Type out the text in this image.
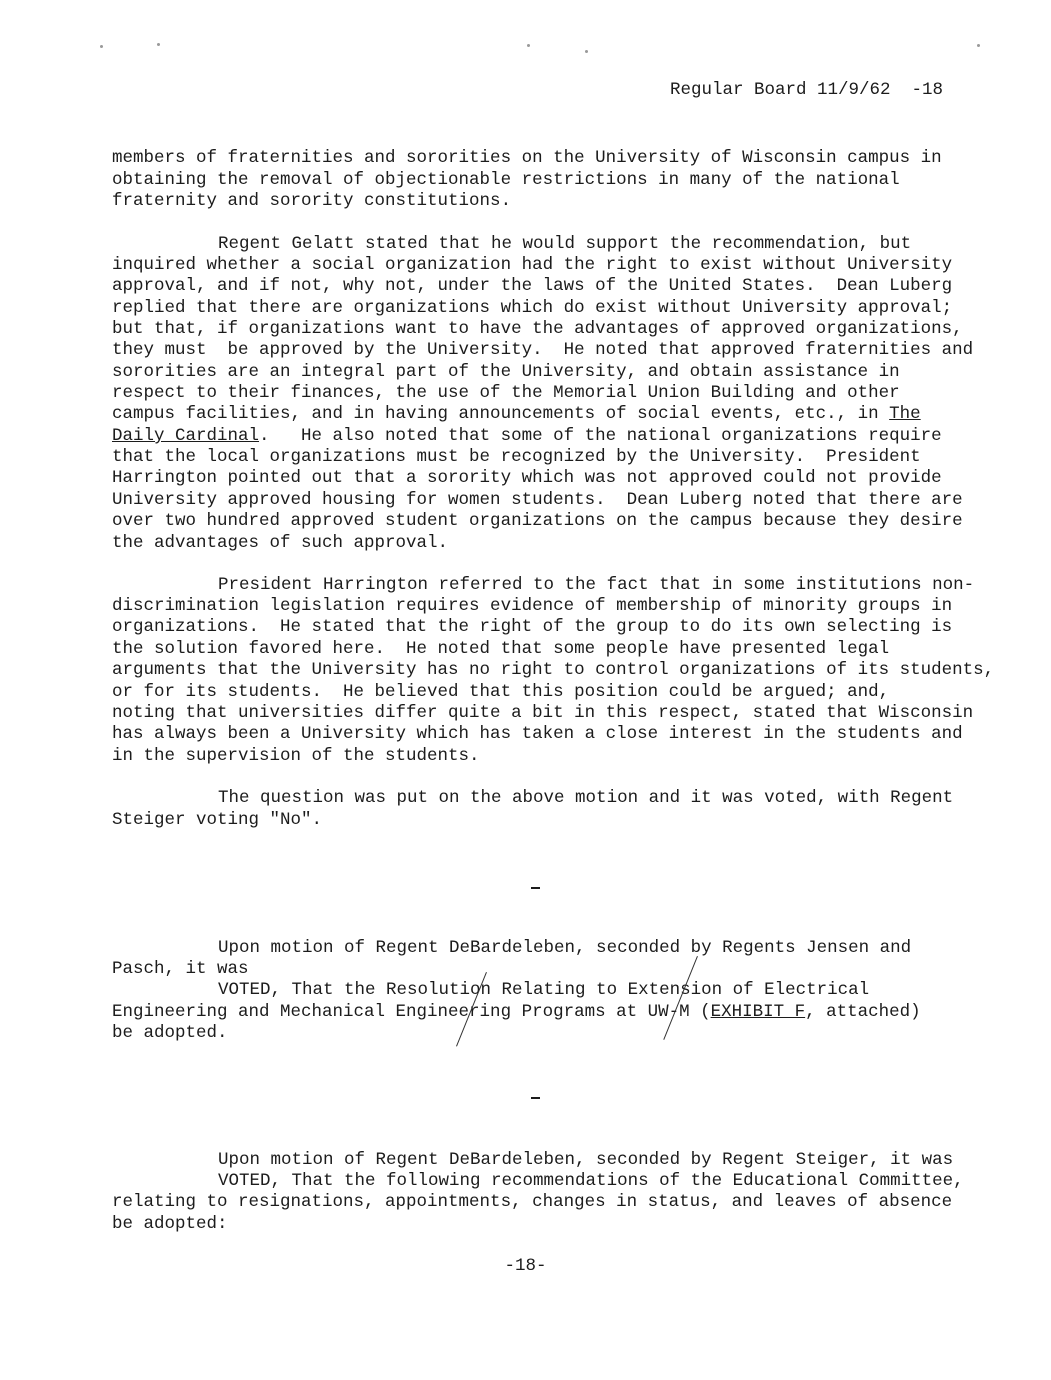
Regular Board 11/9/62  -18
members of fraternities and sororities on the University of Wisconsin campus in
obtaining the removal of objectionable restrictions in many of the national
fraternity and sorority constitutions.
Regent Gelatt stated that he would support the recommendation, but
inquired whether a social organization had the right to exist without University
approval, and if not, why not, under the laws of the United States.  Dean Luberg
replied that there are organizations which do exist without University approval;
but that, if organizations want to have the advantages of approved organizations,
they must  be approved by the University.  He noted that approved fraternities and
sororities are an integral part of the University, and obtain assistance in
respect to their finances, the use of the Memorial Union Building and other
campus facilities, and in having announcements of social events, etc., in The
Daily Cardinal.   He also noted that some of the national organizations require
that the local organizations must be recognized by the University.  President
Harrington pointed out that a sorority which was not approved could not provide
University approved housing for women students.  Dean Luberg noted that there are
over two hundred approved student organizations on the campus because they desire
the advantages of such approval.
President Harrington referred to the fact that in some institutions non-
discrimination legislation requires evidence of membership of minority groups in
organizations.  He stated that the right of the group to do its own selecting is
the solution favored here.  He noted that some people have presented legal
arguments that the University has no right to control organizations of its students,
or for its students.  He believed that this position could be argued; and,
noting that universities differ quite a bit in this respect, stated that Wisconsin
has always been a University which has taken a close interest in the students and
in the supervision of the students.
The question was put on the above motion and it was voted, with Regent
Steiger voting "No".
Upon motion of Regent DeBardeleben, seconded by Regents Jensen and
Pasch, it was
VOTED, That the Resolution Relating to Extension of Electrical
Engineering and Mechanical Engineering Programs at UW-M (EXHIBIT F, attached)
be adopted.
Upon motion of Regent DeBardeleben, seconded by Regent Steiger, it was
VOTED, That the following recommendations of the Educational Committee,
relating to resignations, appointments, changes in status, and leaves of absence
be adopted:
-18-
